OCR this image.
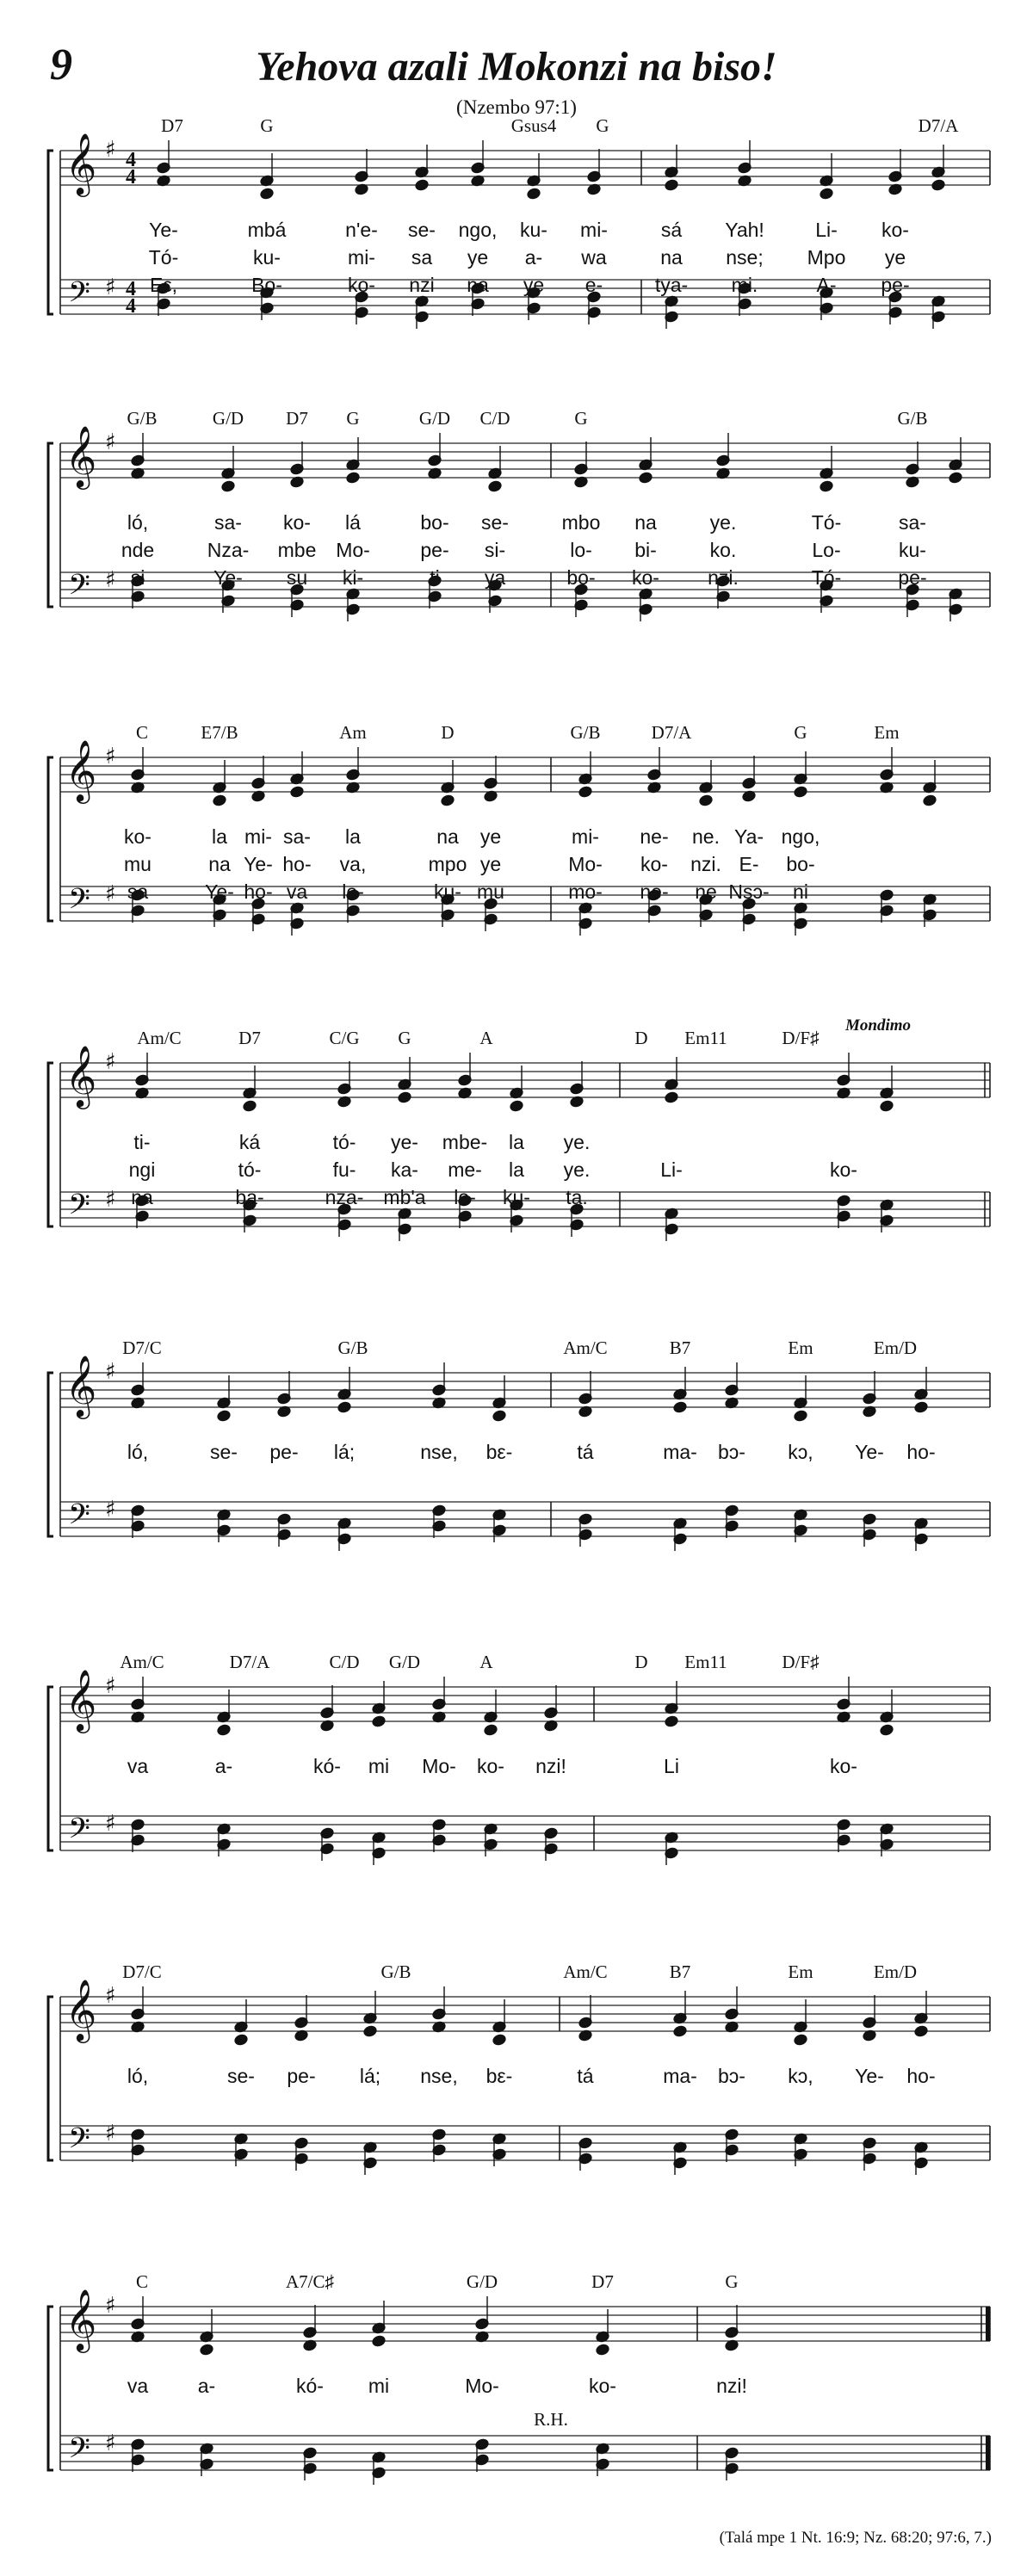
9	Yehova azali Mokonzi na biso!
(Nzembo 97:1)
(Talá mpe 1 Nt. 16:9; Nz. 68:20; 97:6, 7.)
𝄞 ♯
𝄢 ♯
4
4
4
4
D7	G	Gsus4 G	D7/A
Ye-	mbá	n'e- se- ngo, ku- mi-	sá Yah!	Li- ko-
Tó-	ku-	mi- sa ye a- wa	na nse; Mpo ye
Εε,	Bo-	ko- nzi na ye e-	tya- mi.	A- pe-
𝄞 ♯
𝄢 ♯
G/B	G/D D7 G	G/D C/D	G	G/B
ló,	sa- ko- lá	bo- se-	mbo na	ye.	Tó-	sa-
nde	Nza- mbe Mo-	pe- si-	lo- bi-	ko.	Lo-	ku-
si	Ye- su ki-	ti ya	bo- ko- nzi.	Tó-	pe-
𝄞 ♯
𝄢 ♯
C	E7/B	Am	D	G/B	D7/A	G	Em
ko-	la mi- sa- la	na ye	mi- ne- ne. Ya- ngo,
mu	na Ye- ho- va,	mpo ye	Mo- ko- nzi. E- bo-
sa	Ye- ho- va lo-	ku- mu	mo- ne- ne Nsɔ- ni
𝄞 ♯
𝄢 ♯
Am/C	D7	C/G G	A	D Em11	D/F♯
ti-	ká	tó- ye- mbe- la ye.
ngi	tó-	fu- ka- me- la ye.	Li-	ko-
na	ba-	nza- mb'a lo- ku- ta.
Mondimo
𝄞 ♯
𝄢 ♯
D7/C	G/B	Am/C	B7	Em	Em/D
ló,	se- pe- lá;	nse, bε-	tá	ma- bɔ- kɔ, Ye- ho-
𝄞 ♯
𝄢 ♯
Am/C	D7/A	C/D G/D	A	D Em11	D/F♯
va	a-	kó- mi Mo- ko- nzi!	Li	ko-
𝄞 ♯
𝄢 ♯
D7/C	G/B	Am/C	B7	Em	Em/D
ló,	se- pe- lá; nse, bε-	tá	ma- bɔ- kɔ, Ye- ho-
𝄞 ♯
𝄢 ♯
C	A7/C♯	G/D	D7	G
va	a-	kó- mi	Mo-	ko-	nzi!
R.H.
